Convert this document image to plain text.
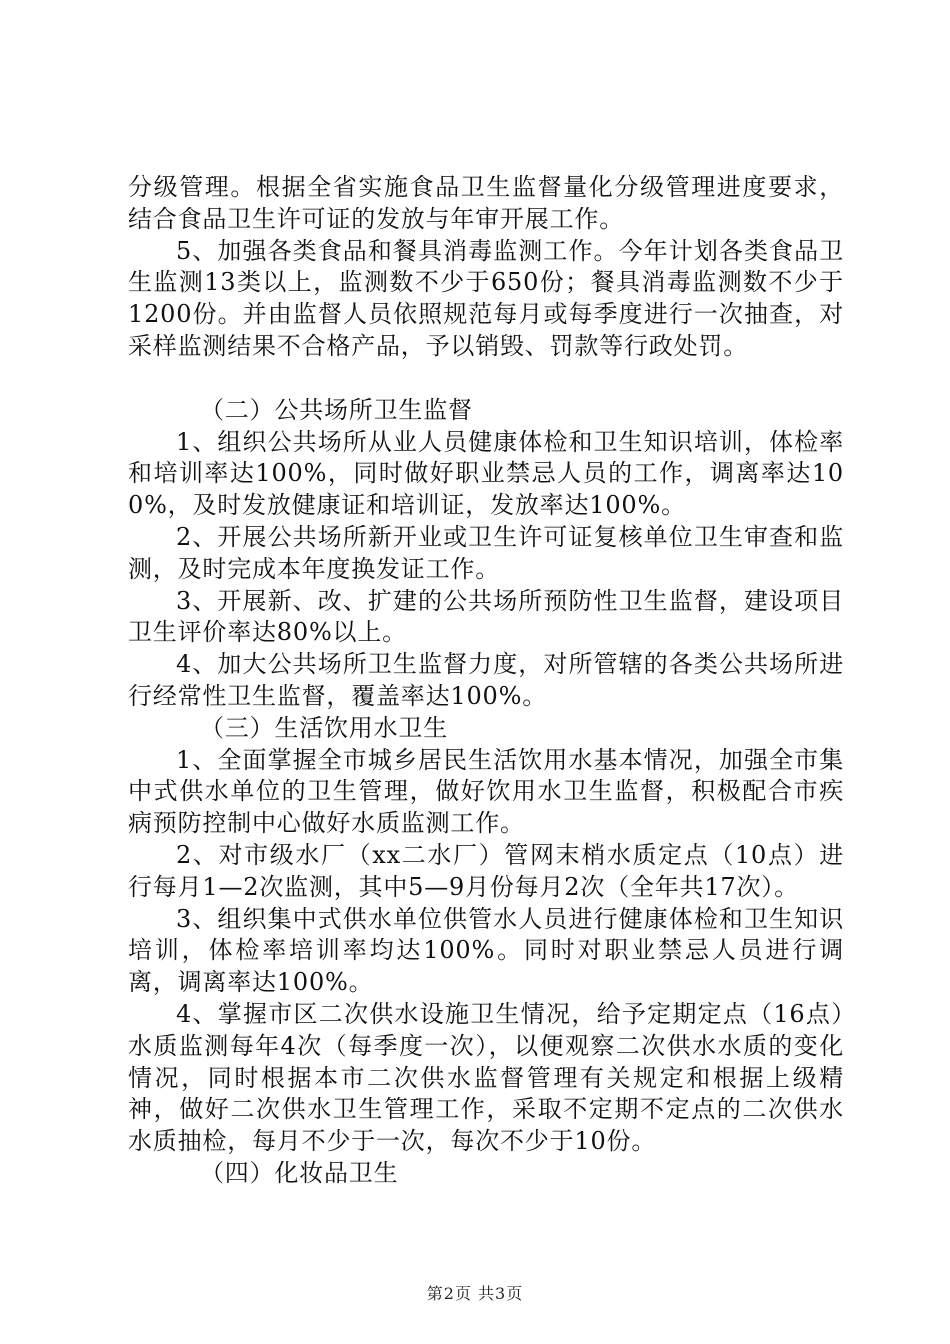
分级管理。根据全省实施食品卫生监督量化分级管理进度要求，结合食品卫生许可证的发放与年审开展工作。

5、加强各类食品和餐具消毒监测工作。今年计划各类食品卫生监测13类以上，监测数不少于650份；餐具消毒监测数不少于1200份。并由监督人员依照规范每月或每季度进行一次抽查，对采样监测结果不合格产品，予以销毁、罚款等行政处罚。

（二）公共场所卫生监督

1、组织公共场所从业人员健康体检和卫生知识培训，体检率和培训率达100%，同时做好职业禁忌人员的工作，调离率达100%，及时发放健康证和培训证，发放率达100%。

2、开展公共场所新开业或卫生许可证复核单位卫生审查和监测，及时完成本年度换发证工作。

3、开展新、改、扩建的公共场所预防性卫生监督，建设项目卫生评价率达80%以上。

4、加大公共场所卫生监督力度，对所管辖的各类公共场所进行经常性卫生监督，覆盖率达100%。

（三）生活饮用水卫生

1、全面掌握全市城乡居民生活饮用水基本情况，加强全市集中式供水单位的卫生管理，做好饮用水卫生监督，积极配合市疾病预防控制中心做好水质监测工作。

2、对市级水厂（xx二水厂）管网末梢水质定点（10点）进行每月1—2次监测，其中5—9月份每月2次（全年共17次）。

3、组织集中式供水单位供管水人员进行健康体检和卫生知识培训，体检率培训率均达100%。同时对职业禁忌人员进行调离，调离率达100%。

4、掌握市区二次供水设施卫生情况，给予定期定点（16点）水质监测每年4次（每季度一次），以便观察二次供水水质的变化情况，同时根据本市二次供水监督管理有关规定和根据上级精神，做好二次供水卫生管理工作，采取不定期不定点的二次供水水质抽检，每月不少于一次，每次不少于10份。

（四）化妆品卫生

第2页 共3页
